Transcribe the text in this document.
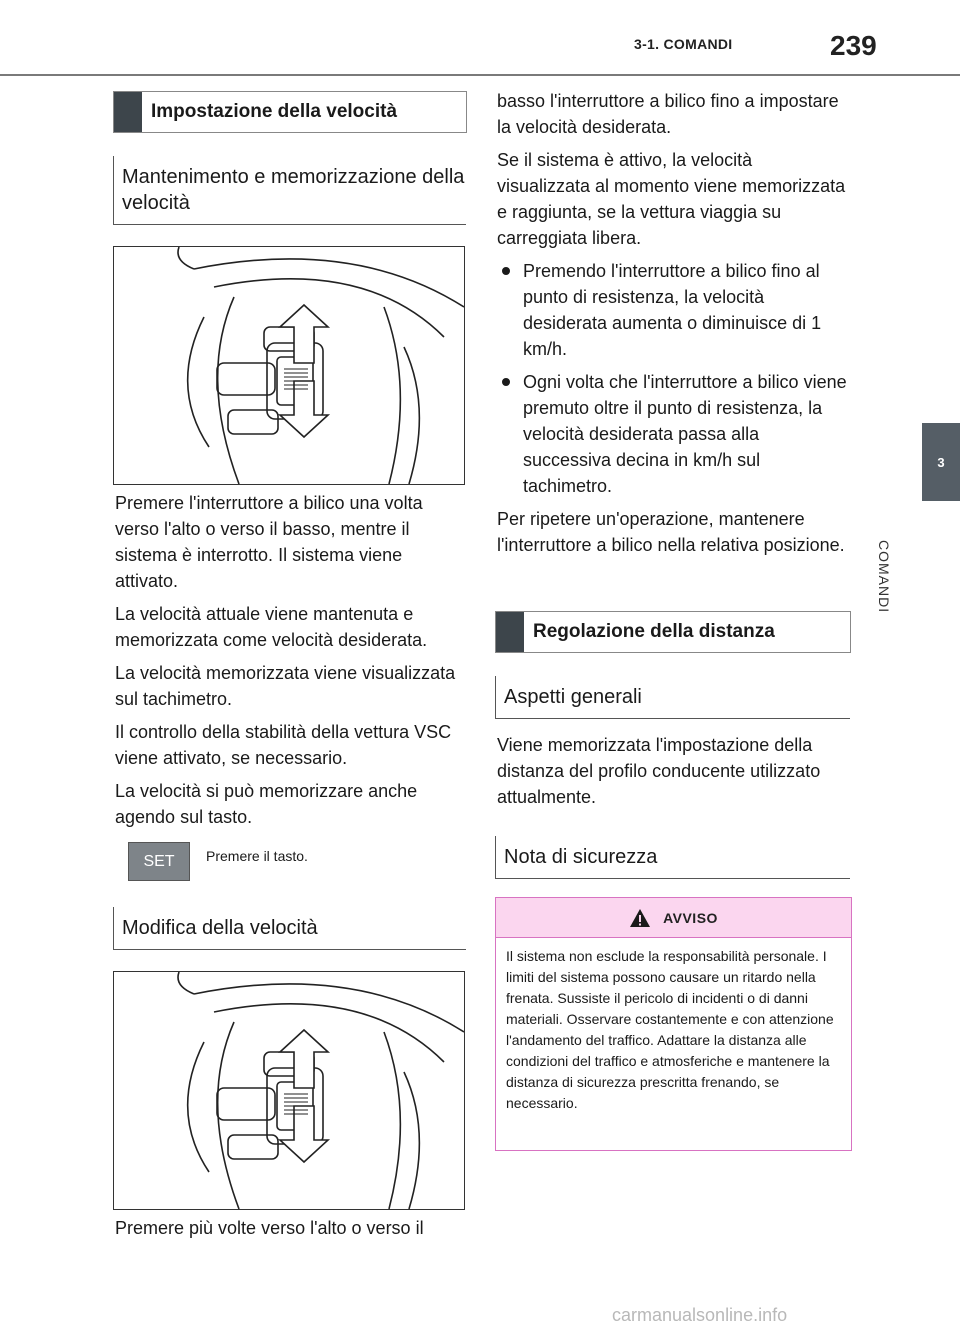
3-1. COMANDI	239
3
COMANDI
Impostazione della velocità
Mantenimento e memorizzazione della velocità

Premere l'interruttore a bilico una volta verso l'alto o verso il basso, mentre il sistema è interrotto. Il sistema viene attivato.

La velocità attuale viene mantenuta e memorizzata come velocità desiderata.

La velocità memorizzata viene visualizzata sul tachimetro.

Il controllo della stabilità della vettura VSC viene attivato, se necessario.

La velocità si può memorizzare anche agendo sul tasto.

SET	Premere il tasto.
Modifica della velocità

Premere più volte verso l'alto o verso il

basso l'interruttore a bilico fino a impostare la velocità desiderata.

Se il sistema è attivo, la velocità visualizzata al momento viene memorizzata e raggiunta, se la vettura viaggia su carreggiata libera.

Premendo l'interruttore a bilico fino al punto di resistenza, la velocità desiderata aumenta o diminuisce di 1 km/h.
Ogni volta che l'interruttore a bilico viene premuto oltre il punto di resistenza, la velocità desiderata passa alla successiva decina in km/h sul tachimetro.

Per ripetere un'operazione, mantenere l'interruttore a bilico nella relativa posizione.

Regolazione della distanza
Aspetti generali

Viene memorizzata l'impostazione della distanza del profilo conducente utilizzato attualmente.

Nota di sicurezza
AVVISO
Il sistema non esclude la responsabilità personale. I limiti del sistema possono causare un ritardo nella frenata. Sussiste il pericolo di incidenti o di danni materiali. Osservare costantemente e con attenzione l'andamento del traffico. Adattare la distanza alle condizioni del traffico e atmosferiche e mantenere la distanza di sicurezza prescritta frenando, se necessario.
carmanualsonline.info
